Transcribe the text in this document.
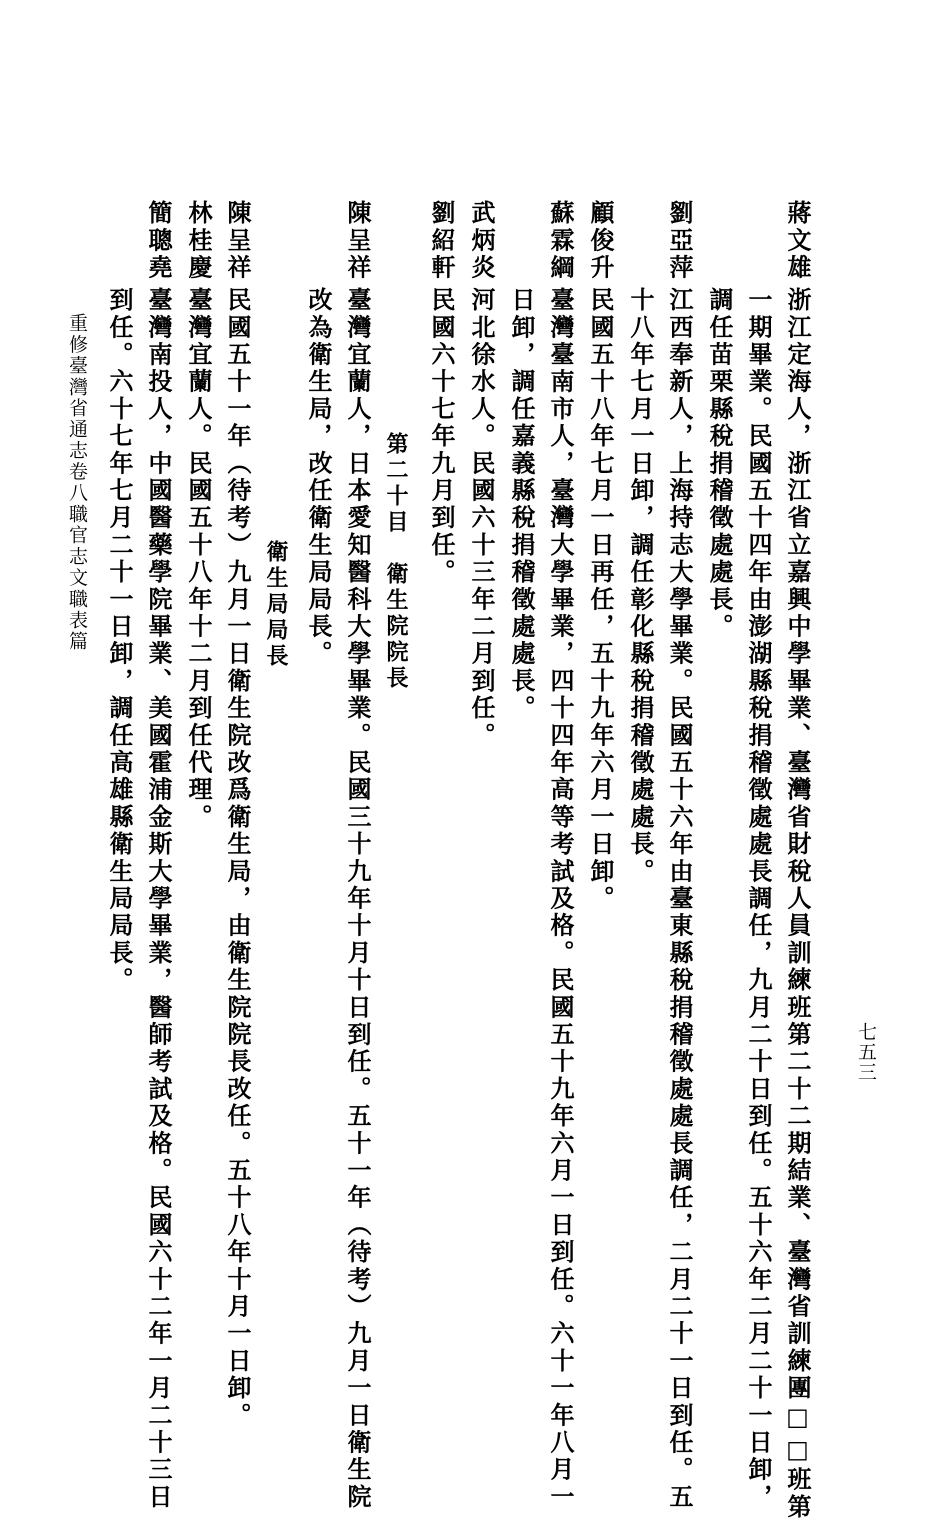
蔣文雄
浙江定海人，浙江省立嘉興中學畢業、臺灣省財稅人員訓練班第二十二期結業、臺灣省訓練團□□班第
一期畢業。民國五十四年由澎湖縣稅捐稽徵處處長調任，九月二十日到任。五十六年二月二十一日卸，
調任苗栗縣稅捐稽徵處處長。
劉亞萍
江西奉新人，上海持志大學畢業。民國五十六年由臺東縣稅捐稽徵處處長調任，二月二十一日到任。五
十八年七月一日卸，調任彰化縣稅捐稽徵處處長。
顧俊升
民國五十八年七月一日再任，五十九年六月一日卸。
蘇霖綱
臺灣臺南市人，臺灣大學畢業，四十四年高等考試及格。民國五十九年六月一日到任。六十一年八月一
日卸，調任嘉義縣稅捐稽徵處處長。
武炳炎
河北徐水人。民國六十三年二月到任。
劉紹軒
民國六十七年九月到任。
第二十目　衛生院院長
陳呈祥
臺灣宜蘭人，日本愛知醫科大學畢業。民國三十九年十月十日到任。五十一年（待考）九月一日衛生院
改為衛生局，改任衛生局局長。
衛生局局長
陳呈祥
民國五十一年（待考）九月一日衛生院改爲衛生局，由衛生院院長改任。五十八年十月一日卸。
林桂慶
臺灣宜蘭人。民國五十八年十二月到任代理。
簡聰堯
臺灣南投人，中國醫藥學院畢業、美國霍浦金斯大學畢業，醫師考試及格。民國六十二年一月二十三日
到任。六十七年七月二十一日卸，調任高雄縣衛生局局長。
重修臺灣省通志卷八職官志文職表篇
七五三
